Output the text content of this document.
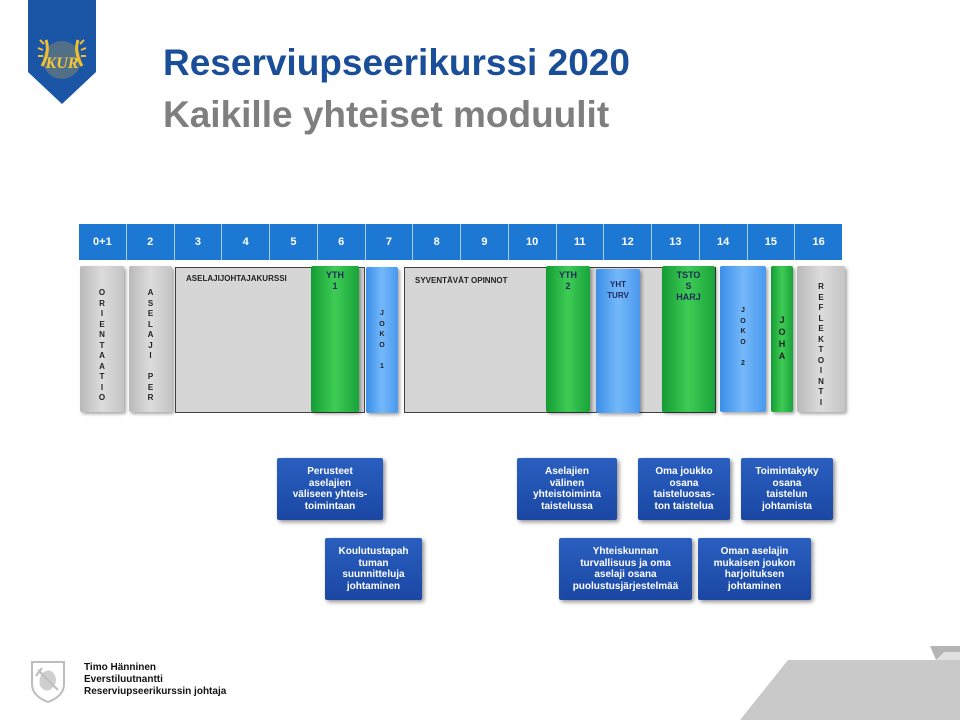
KUR Reserviupseerikurssi 2020
Kaikille yhteiset moduulit
0+1	2	3	4	5	6	7	8	9	10	11	12	13	14	15	16
O
R
I
E
N
T
A
A
T
I
O
A
S
E
L
A
J
I

P
E
R
ASELAJIJOHTAJAKURSSI	YTH
1
J
O
K
O

1
SYVENTÄVÄT OPINNOT
YTH
2	YHT
TURV
TSTO
S
HARJ
J
O
K
O

2
J
O
H
A
R
E
F
L
E
K
T
O
I
N
T
I
Perusteet
aselajien
väliseen yhteis-
toimintaan
Koulutustapah
tuman
suunnitteluja
johtaminen
Aselajien
välinen
yhteistoiminta
taistelussa
Yhteiskunnan
turvallisuus ja oma
aselaji osana
puolustusjärjestelmää
Oma joukko
osana
taisteluosas-
ton taistelua
Toimintakyky
osana
taistelun
johtamista
Oman aselajin
mukaisen joukon
harjoituksen
johtaminen
Timo Hänninen
Everstiluutnantti
Reserviupseerikurssin johtaja
